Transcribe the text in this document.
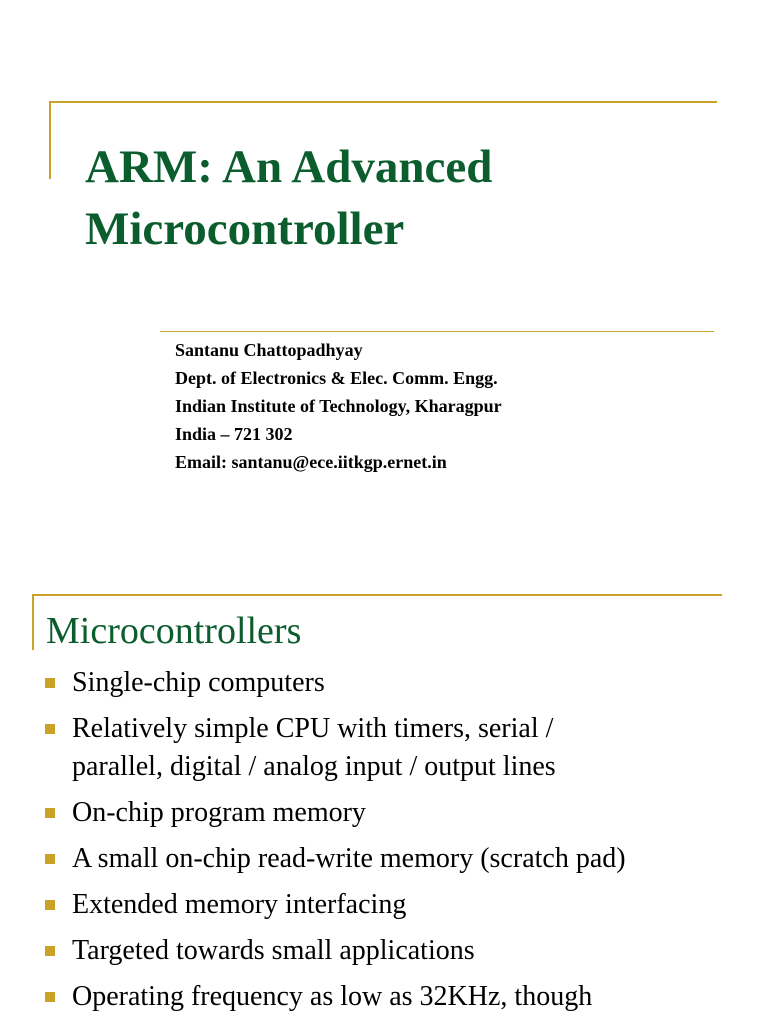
ARM: An Advanced
Microcontroller
Santanu Chattopadhyay
Dept. of Electronics & Elec. Comm. Engg.
Indian Institute of Technology, Kharagpur
India – 721 302
Email: santanu@ece.iitkgp.ernet.in
Microcontrollers
Single-chip computers
Relatively simple CPU with timers, serial /
parallel, digital / analog input / output lines
On-chip program memory
A small on-chip read-write memory (scratch pad)
Extended memory interfacing
Targeted towards small applications
Operating frequency as low as 32KHz, though
